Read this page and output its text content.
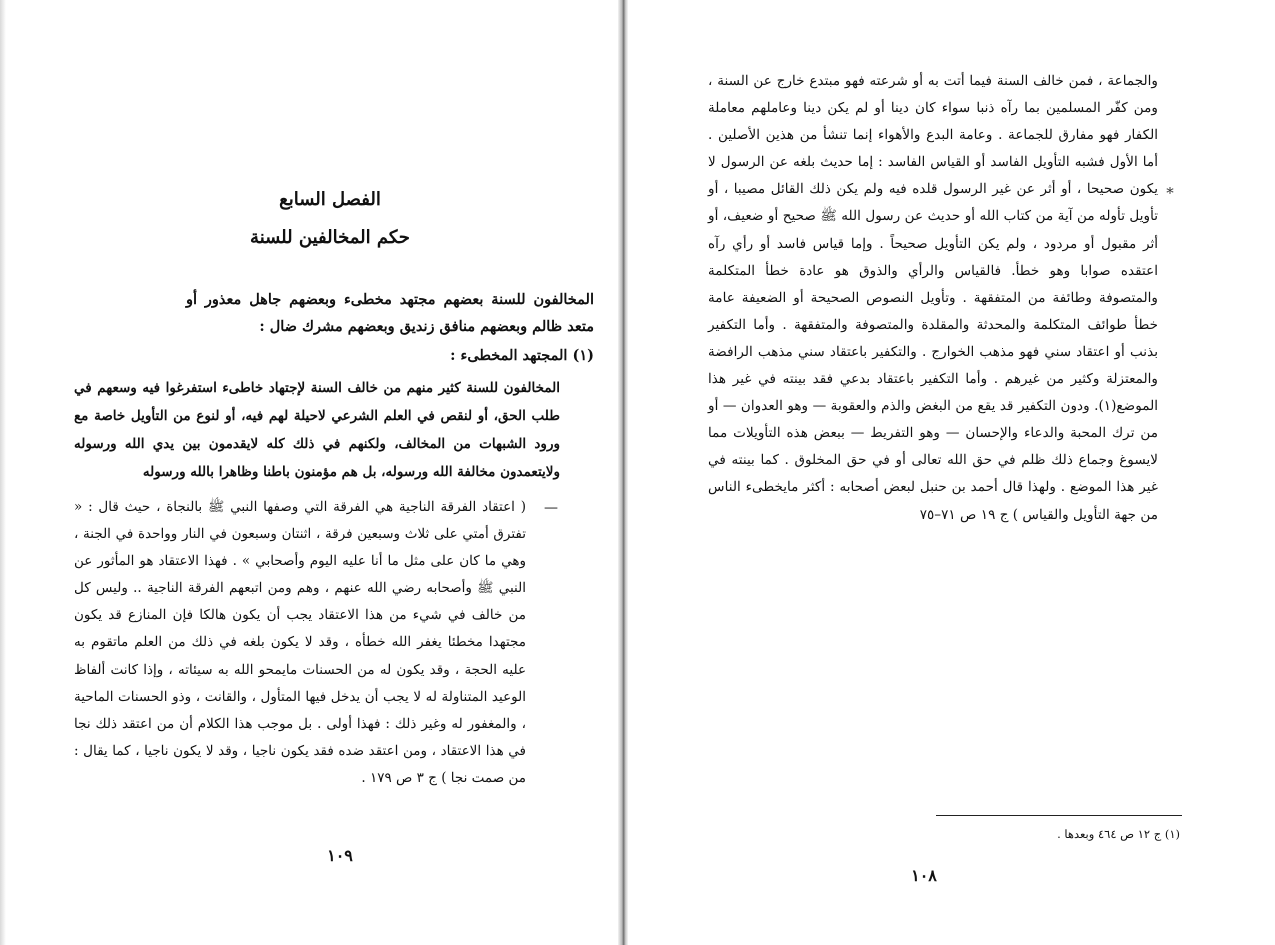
الفصل السابع
حكم المخالفين للسنة

المخالفون للسنة بعضهم مجتهد مخطىء وبعضهم جاهل معذور أو متعد ظالم وبعضهم منافق زنديق وبعضهم مشرك ضال :

(١) المجتهد المخطىء :

المخالفون للسنة كثير منهم من خالف السنة لإجتهاد خاطىء استفرغوا فيه وسعهم في طلب الحق، أو لنقص في العلم الشرعي لاحيلة لهم فيه، أو لنوع من التأويل خاصة مع ورود الشبهات من المخالف، ولكنهم في ذلك كله لايقدمون بين يدي الله ورسوله ولايتعمدون مخالفة الله ورسوله، بل هم مؤمنون باطنا وظاهرا بالله ورسوله

—

( اعتقاد الفرقة الناجية هي الفرقة التي وصفها النبي ﷺ بالنجاة ، حيث قال : « تفترق أمتي على ثلاث وسبعين فرقة ، اثنتان وسبعون في النار وواحدة في الجنة ، وهي ما كان على مثل ما أنا عليه اليوم وأصحابي » . فهذا الاعتقاد هو المأثور عن النبي ﷺ وأصحابه رضي الله عنهم ، وهم ومن اتبعهم الفرقة الناجية .. وليس كل من خالف في شيء من هذا الاعتقاد يجب أن يكون هالكا فإن المنازع قد يكون مجتهدا مخطئا يغفر الله خطأه ، وقد لا يكون بلغه في ذلك من العلم ماتقوم به عليه الحجة ، وقد يكون له من الحسنات مايمحو الله به سيئاته ، وإذا كانت ألفاظ الوعيد المتناولة له لا يجب أن يدخل فيها المتأول ، والقانت ، وذو الحسنات الماحية ، والمغفور له وغير ذلك : فهذا أولى . بل موجب هذا الكلام أن من اعتقد ذلك نجا في هذا الاعتقاد ، ومن اعتقد ضده فقد يكون ناجيا ، وقد لا يكون ناجيا ، كما يقال : من صمت نجا ) ج ٣ ص ١٧٩ .

١٠٩
*

والجماعة ، فمن خالف السنة فيما أتت به أو شرعته فهو مبتدع خارج عن السنة ، ومن كفّر المسلمين بما رآه ذنبا سواء كان دينا أو لم يكن دينا وعاملهم معاملة الكفار فهو مفارق للجماعة . وعامة البدع والأهواء إنما تنشأ من هذين الأصلين . أما الأول فشبه التأويل الفاسد أو القياس الفاسد : إما حديث بلغه عن الرسول لا يكون صحيحا ، أو أثر عن غير الرسول قلده فيه ولم يكن ذلك القائل مصيبا ، أو تأويل تأوله من آية من كتاب الله أو حديث عن رسول الله ﷺ صحيح أو ضعيف، أو أثر مقبول أو مردود ، ولم يكن التأويل صحيحاً . وإما قياس فاسد أو رأي رآه اعتقده صوابا وهو خطأ. فالقياس والرأي والذوق هو عادة خطأ المتكلمة والمتصوفة وطائفة من المتفقهة . وتأويل النصوص الصحيحة أو الضعيفة عامة خطأ طوائف المتكلمة والمحدثة والمقلدة والمتصوفة والمتفقهة . وأما التكفير بذنب أو اعتقاد سني فهو مذهب الخوارج . والتكفير باعتقاد سني مذهب الرافضة والمعتزلة وكثير من غيرهم . وأما التكفير باعتقاد بدعي فقد بينته في غير هذا الموضع(١). ودون التكفير قد يقع من البغض والذم والعقوبة — وهو العدوان — أو من ترك المحبة والدعاء والإحسان — وهو التفريط — ببعض هذه التأويلات مما لايسوغ وجماع ذلك ظلم في حق الله تعالى أو في حق المخلوق . كما بينته في غير هذا الموضع . ولهذا قال أحمد بن حنبل لبعض أصحابه : أكثر مايخطىء الناس من جهة التأويل والقياس ) ج ١٩ ص ٧١–٧٥

(١) ج ١٢ ص ٤٦٤ وبعدها .
١٠٨
